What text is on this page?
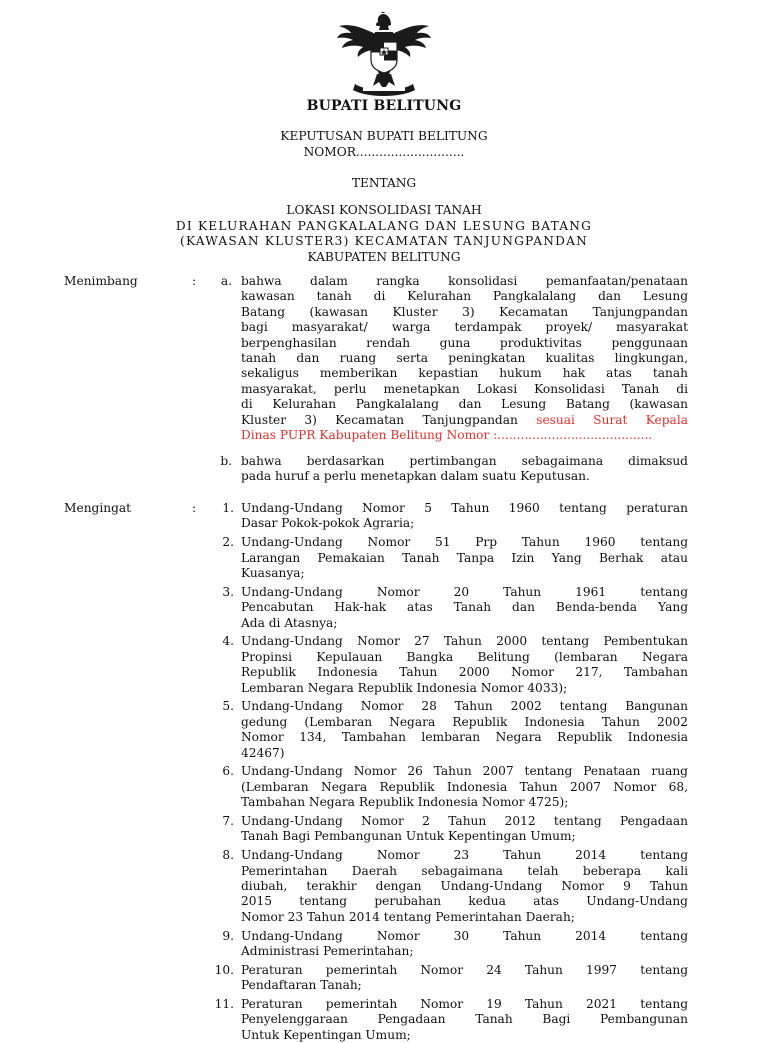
BUPATI BELITUNG
KEPUTUSAN BUPATI BELITUNG
NOMOR............................
TENTANG
LOKASI KONSOLIDASI TANAH
DI KELURAHAN PANGKALALANG DAN LESUNG BATANG
(KAWASAN KLUSTER3) KECAMATAN TANJUNGPANDAN
KABUPATEN BELITUNG
Menimbang	:	a. bahwa dalam rangka konsolidasi pemanfaatan/penataan
kawasan tanah di Kelurahan Pangkalalang dan Lesung
Batang (kawasan Kluster 3) Kecamatan Tanjungpandan
bagi masyarakat/ warga terdampak proyek/ masyarakat
berpenghasilan rendah guna produktivitas penggunaan
tanah dan ruang serta peningkatan kualitas lingkungan,
sekaligus memberikan kepastian hukum hak atas tanah
masyarakat, perlu menetapkan Lokasi Konsolidasi Tanah di
di Kelurahan Pangkalalang dan Lesung Batang (kawasan
Kluster 3) Kecamatan Tanjungpandan sesuai Surat Kepala
Dinas PUPR Kabupaten Belitung Nomor :........................................
b. bahwa berdasarkan pertimbangan sebagaimana dimaksud
pada huruf a perlu menetapkan dalam suatu Keputusan.
Mengingat	:	1. Undang-Undang Nomor 5 Tahun 1960 tentang peraturan
Dasar Pokok-pokok Agraria;
2. Undang-Undang Nomor 51 Prp Tahun 1960 tentang
Larangan Pemakaian Tanah Tanpa Izin Yang Berhak atau
Kuasanya;
3. Undang-Undang Nomor 20 Tahun 1961 tentang
Pencabutan Hak-hak atas Tanah dan Benda-benda Yang
Ada di Atasnya;
4. Undang-Undang Nomor 27 Tahun 2000 tentang Pembentukan
Propinsi Kepulauan Bangka Belitung (lembaran Negara
Republik Indonesia Tahun 2000 Nomor 217, Tambahan
Lembaran Negara Republik Indonesia Nomor 4033);
5. Undang-Undang Nomor 28 Tahun 2002 tentang Bangunan
gedung (Lembaran Negara Republik Indonesia Tahun 2002
Nomor 134, Tambahan lembaran Negara Republik Indonesia
42467)
6. Undang-Undang Nomor 26 Tahun 2007 tentang Penataan ruang
(Lembaran Negara Republik Indonesia Tahun 2007 Nomor 68,
Tambahan Negara Republik Indonesia Nomor 4725);
7. Undang-Undang Nomor 2 Tahun 2012 tentang Pengadaan
Tanah Bagi Pembangunan Untuk Kepentingan Umum;
8. Undang-Undang Nomor 23 Tahun 2014 tentang
Pemerintahan Daerah sebagaimana telah beberapa kali
diubah, terakhir dengan Undang-Undang Nomor 9 Tahun
2015 tentang perubahan kedua atas Undang-Undang
Nomor 23 Tahun 2014 tentang Pemerintahan Daerah;
9. Undang-Undang Nomor 30 Tahun 2014 tentang
Administrasi Pemerintahan;
10. Peraturan pemerintah Nomor 24 Tahun 1997 tentang
Pendaftaran Tanah;
11. Peraturan pemerintah Nomor 19 Tahun 2021 tentang
Penyelenggaraan Pengadaan Tanah Bagi Pembangunan
Untuk Kepentingan Umum;
